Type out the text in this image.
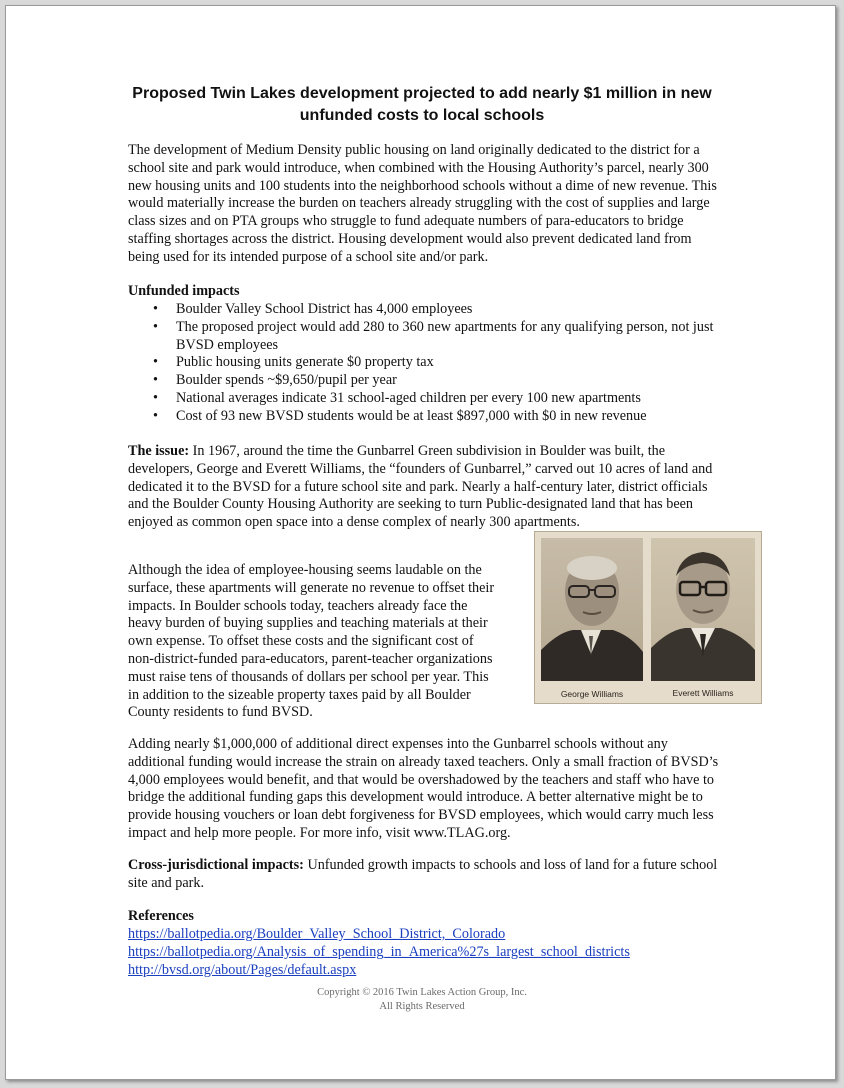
Proposed Twin Lakes development projected to add nearly $1 million in new unfunded costs to local schools

The development of Medium Density public housing on land originally dedicated to the district for a school site and park would introduce, when combined with the Housing Authority’s parcel, nearly 300 new housing units and 100 students into the neighborhood schools without a dime of new revenue. This would materially increase the burden on teachers already struggling with the cost of supplies and large class sizes and on PTA groups who struggle to fund adequate numbers of para-educators to bridge staffing shortages across the district. Housing development would also prevent dedicated land from being used for its intended purpose of a school site and/or park.

Unfunded impacts
• Boulder Valley School District has 4,000 employees
• The proposed project would add 280 to 360 new apartments for any qualifying person, not just BVSD employees
• Public housing units generate $0 property tax
• Boulder spends ~$9,650/pupil per year
• National averages indicate 31 school-aged children per every 100 new apartments
• Cost of 93 new BVSD students would be at least $897,000 with $0 in new revenue

The issue: In 1967, around the time the Gunbarrel Green subdivision in Boulder was built, the developers, George and Everett Williams, the “founders of Gunbarrel,” carved out 10 acres of land and dedicated it to the BVSD for a future school site and park. Nearly a half-century later, district officials and the Boulder County Housing Authority are seeking to turn Public-designated land that has been enjoyed as common open space into a dense complex of nearly 300 apartments.

Although the idea of employee-housing seems laudable on the surface, these apartments will generate no revenue to offset their impacts. In Boulder schools today, teachers already face the heavy burden of buying supplies and teaching materials at their own expense. To offset these costs and the significant cost of non-district-funded para-educators, parent-teacher organizations must raise tens of thousands of dollars per school per year. This in addition to the sizeable property taxes paid by all Boulder County residents to fund BVSD.

George Williams	Everett Williams

Adding nearly $1,000,000 of additional direct expenses into the Gunbarrel schools without any additional funding would increase the strain on already taxed teachers. Only a small fraction of BVSD’s 4,000 employees would benefit, and that would be overshadowed by the teachers and staff who have to bridge the additional funding gaps this development would introduce. A better alternative might be to provide housing vouchers or loan debt forgiveness for BVSD employees, which would carry much less impact and help more people. For more info, visit www.TLAG.org.

Cross-jurisdictional impacts: Unfunded growth impacts to schools and loss of land for a future school site and park.

References
https://ballotpedia.org/Boulder_Valley_School_District,_Colorado
https://ballotpedia.org/Analysis_of_spending_in_America%27s_largest_school_districts
http://bvsd.org/about/Pages/default.aspx
Copyright © 2016 Twin Lakes Action Group, Inc.
All Rights Reserved
